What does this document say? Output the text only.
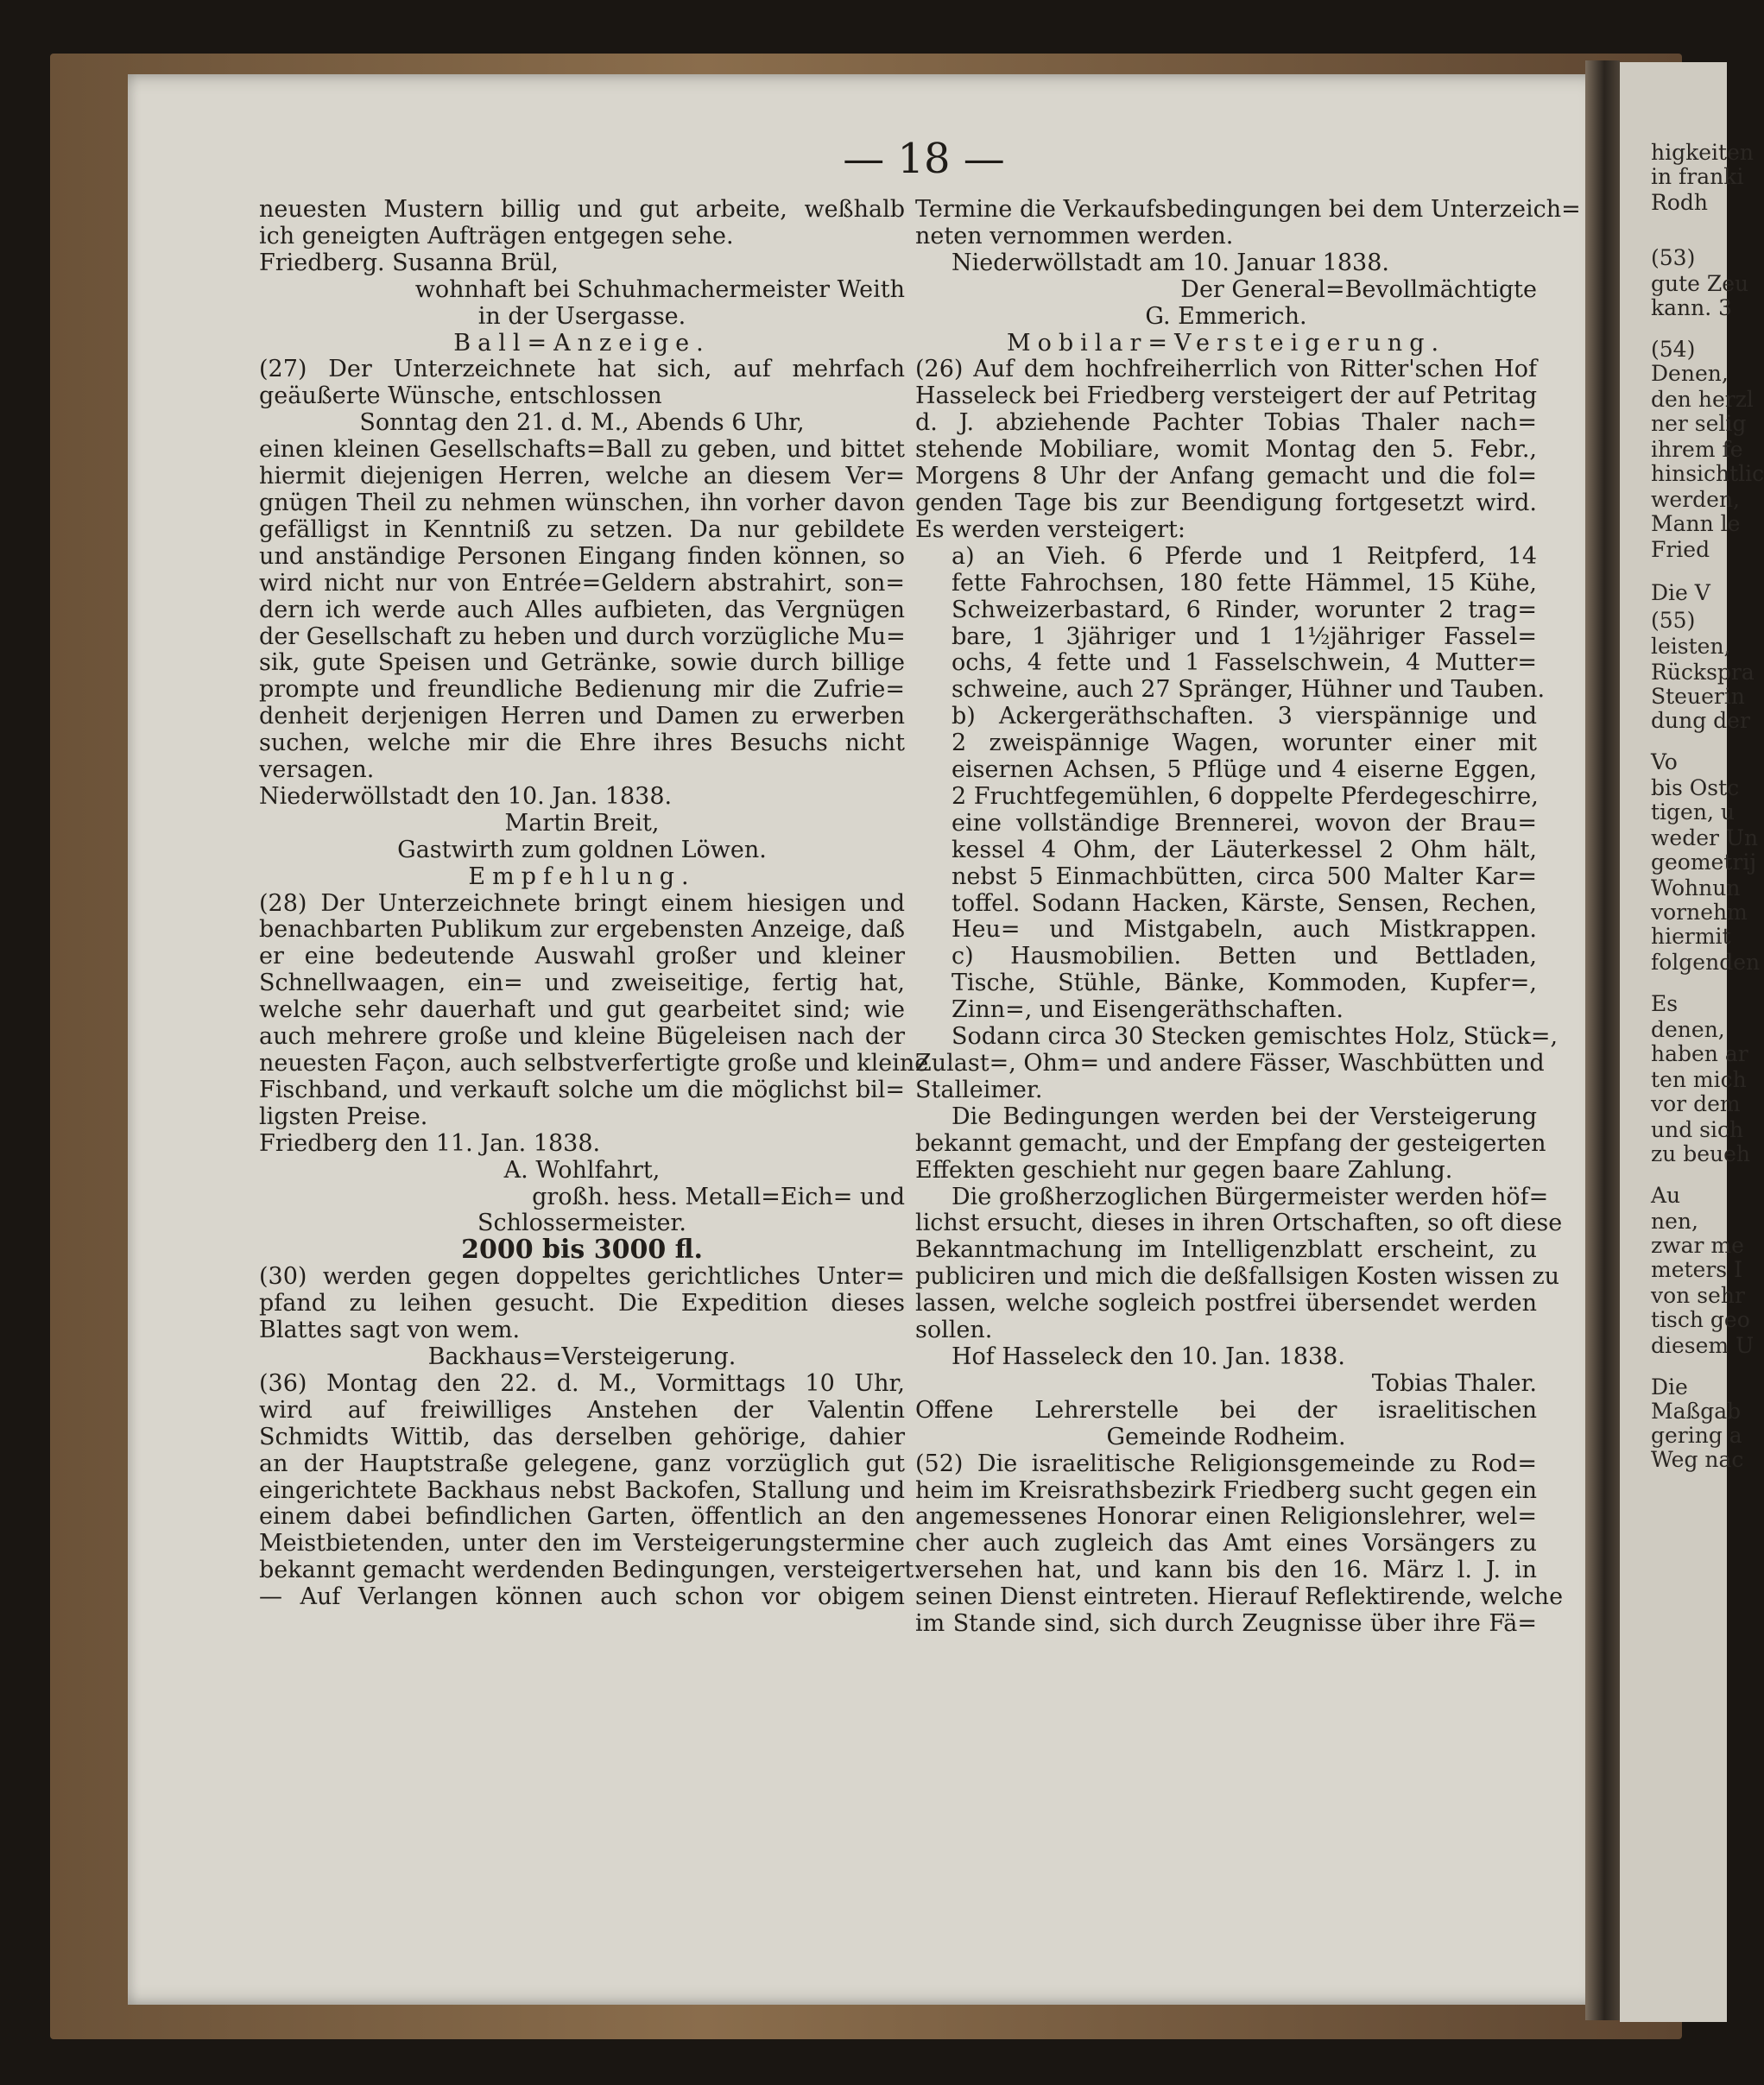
higkeiten
in franki
Rodh
(53)
gute Zeu
kann. 3
(54)
Denen,
den herzl
ner selig
ihrem fe
hinsichtlic
werden,
Mann le
Fried
Die V
(55)
leisten,
Rückspra
Steuerin
dung der
Vo
bis Ostc
tigen, u
weder Un
geometrij
Wohnun
vornehm
hiermit
folgenden
Es
denen,
haben ar
ten mich
vor dem
und sich
zu beueh
Au
nen,
zwar me
meters I
von sehr
tisch geo
diesem U
Die
Maßgab
gering a
Weg nac
— 18 —
neuesten Mustern billig und gut arbeite, weßhalb
ich geneigten Aufträgen entgegen sehe.
Friedberg. Susanna Brül,
wohnhaft bei Schuhmachermeister Weith
in der Usergasse.
Ball=Anzeige.
(27) Der Unterzeichnete hat sich, auf mehrfach
geäußerte Wünsche, entschlossen
Sonntag den 21. d. M., Abends 6 Uhr,
einen kleinen Gesellschafts=Ball zu geben, und bittet
hiermit diejenigen Herren, welche an diesem Ver=
gnügen Theil zu nehmen wünschen, ihn vorher davon
gefälligst in Kenntniß zu setzen. Da nur gebildete
und anständige Personen Eingang finden können, so
wird nicht nur von Entrée=Geldern abstrahirt, son=
dern ich werde auch Alles aufbieten, das Vergnügen
der Gesellschaft zu heben und durch vorzügliche Mu=
sik, gute Speisen und Getränke, sowie durch billige
prompte und freundliche Bedienung mir die Zufrie=
denheit derjenigen Herren und Damen zu erwerben
suchen, welche mir die Ehre ihres Besuchs nicht
versagen.
Niederwöllstadt den 10. Jan. 1838.
Martin Breit,
Gastwirth zum goldnen Löwen.
Empfehlung.
(28) Der Unterzeichnete bringt einem hiesigen und
benachbarten Publikum zur ergebensten Anzeige, daß
er eine bedeutende Auswahl großer und kleiner
Schnellwaagen, ein= und zweiseitige, fertig hat,
welche sehr dauerhaft und gut gearbeitet sind; wie
auch mehrere große und kleine Bügeleisen nach der
neuesten Façon, auch selbstverfertigte große und kleine
Fischband, und verkauft solche um die möglichst bil=
ligsten Preise.
Friedberg den 11. Jan. 1838.
A. Wohlfahrt,
großh. hess. Metall=Eich= und
Schlossermeister.
2000 bis 3000 fl.
(30) werden gegen doppeltes gerichtliches Unter=
pfand zu leihen gesucht. Die Expedition dieses
Blattes sagt von wem.
Backhaus=Versteigerung.
(36) Montag den 22. d. M., Vormittags 10 Uhr,
wird auf freiwilliges Anstehen der Valentin
Schmidts Wittib, das derselben gehörige, dahier
an der Hauptstraße gelegene, ganz vorzüglich gut
eingerichtete Backhaus nebst Backofen, Stallung und
einem dabei befindlichen Garten, öffentlich an den
Meistbietenden, unter den im Versteigerungstermine
bekannt gemacht werdenden Bedingungen, versteigert.
— Auf Verlangen können auch schon vor obigem
Termine die Verkaufsbedingungen bei dem Unterzeich=
neten vernommen werden.
Niederwöllstadt am 10. Januar 1838.
Der General=Bevollmächtigte
G. Emmerich.
Mobilar=Versteigerung.
(26) Auf dem hochfreiherrlich von Ritter'schen Hof
Hasseleck bei Friedberg versteigert der auf Petritag
d. J. abziehende Pachter Tobias Thaler nach=
stehende Mobiliare, womit Montag den 5. Febr.,
Morgens 8 Uhr der Anfang gemacht und die fol=
genden Tage bis zur Beendigung fortgesetzt wird.
Es werden versteigert:
a) an Vieh. 6 Pferde und 1 Reitpferd, 14
fette Fahrochsen, 180 fette Hämmel, 15 Kühe,
Schweizerbastard, 6 Rinder, worunter 2 trag=
bare, 1 3jähriger und 1 1½jähriger Fassel=
ochs, 4 fette und 1 Fasselschwein, 4 Mutter=
schweine, auch 27 Spränger, Hühner und Tauben.
b) Ackergeräthschaften. 3 vierspännige und
2 zweispännige Wagen, worunter einer mit
eisernen Achsen, 5 Pflüge und 4 eiserne Eggen,
2 Fruchtfegemühlen, 6 doppelte Pferdegeschirre,
eine vollständige Brennerei, wovon der Brau=
kessel 4 Ohm, der Läuterkessel 2 Ohm hält,
nebst 5 Einmachbütten, circa 500 Malter Kar=
toffel. Sodann Hacken, Kärste, Sensen, Rechen,
Heu= und Mistgabeln, auch Mistkrappen.
c) Hausmobilien. Betten und Bettladen,
Tische, Stühle, Bänke, Kommoden, Kupfer=,
Zinn=, und Eisengeräthschaften.
Sodann circa 30 Stecken gemischtes Holz, Stück=,
Zulast=, Ohm= und andere Fässer, Waschbütten und
Stalleimer.
Die Bedingungen werden bei der Versteigerung
bekannt gemacht, und der Empfang der gesteigerten
Effekten geschieht nur gegen baare Zahlung.
Die großherzoglichen Bürgermeister werden höf=
lichst ersucht, dieses in ihren Ortschaften, so oft diese
Bekanntmachung im Intelligenzblatt erscheint, zu
publiciren und mich die deßfallsigen Kosten wissen zu
lassen, welche sogleich postfrei übersendet werden
sollen.
Hof Hasseleck den 10. Jan. 1838.
Tobias Thaler.
Offene Lehrerstelle bei der israelitischen
Gemeinde Rodheim.
(52) Die israelitische Religionsgemeinde zu Rod=
heim im Kreisrathsbezirk Friedberg sucht gegen ein
angemessenes Honorar einen Religionslehrer, wel=
cher auch zugleich das Amt eines Vorsängers zu
versehen hat, und kann bis den 16. März l. J. in
seinen Dienst eintreten. Hierauf Reflektirende, welche
im Stande sind, sich durch Zeugnisse über ihre Fä=
